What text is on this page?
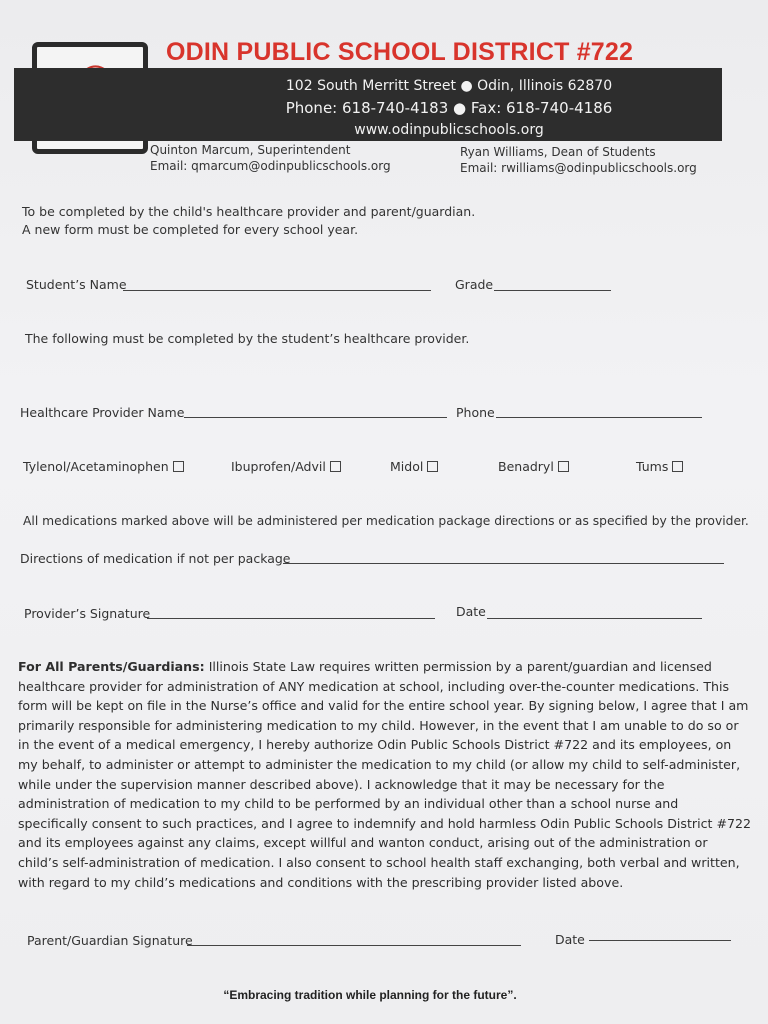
ODIN PUBLIC SCHOOL DISTRICT #722
102 South Merritt Street ● Odin, Illinois 62870
Phone: 618-740-4183 ● Fax: 618-740-4186
www.odinpublicschools.org
Quinton Marcum, Superintendent
Email: qmarcum@odinpublicschools.org
Ryan Williams, Dean of Students
Email: rwilliams@odinpublicschools.org
To be completed by the child's healthcare provider and parent/guardian.
A new form must be completed for every school year.
Student’s Name	Grade
The following must be completed by the student’s healthcare provider.
Healthcare Provider Name	Phone
Tylenol/Acetaminophen	Ibuprofen/Advil	Midol	Benadryl	Tums
All medications marked above will be administered per medication package directions or as specified by the provider.
Directions of medication if not per package
Provider’s Signature	Date
For All Parents/Guardians: Illinois State Law requires written permission by a parent/guardian and licensed healthcare provider for administration of ANY medication at school, including over-the-counter medications. This form will be kept on file in the Nurse’s office and valid for the entire school year. By signing below, I agree that I am primarily responsible for administering medication to my child. However, in the event that I am unable to do so or in the event of a medical emergency, I hereby authorize Odin Public Schools District #722 and its employees, on my behalf, to administer or attempt to administer the medication to my child (or allow my child to self-administer, while under the supervision manner described above). I acknowledge that it may be necessary for the administration of medication to my child to be performed by an individual other than a school nurse and specifically consent to such practices, and I agree to indemnify and hold harmless Odin Public Schools District #722 and its employees against any claims, except willful and wanton conduct, arising out of the administration or child’s self-administration of medication. I also consent to school health staff exchanging, both verbal and written, with regard to my child’s medications and conditions with the prescribing provider listed above.
Parent/Guardian Signature	Date
“Embracing tradition while planning for the future”.
